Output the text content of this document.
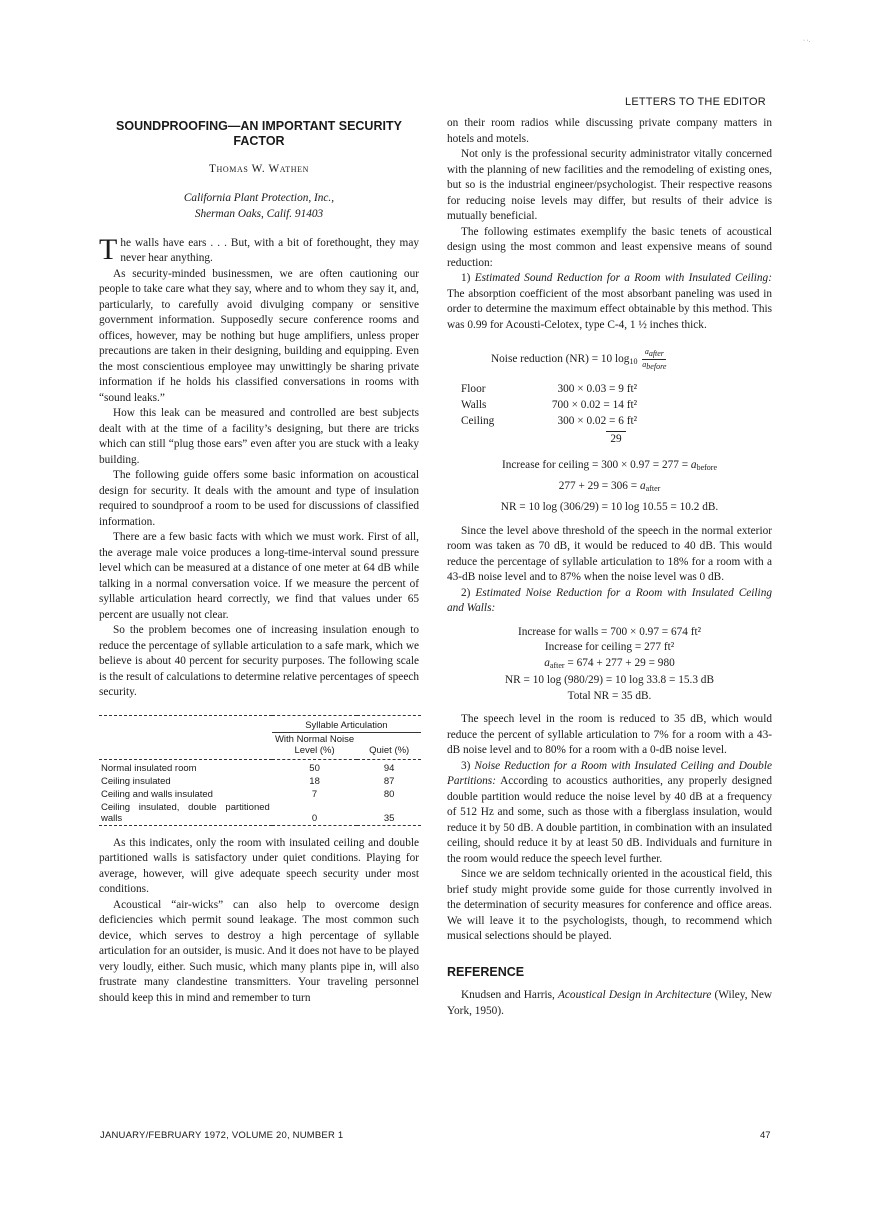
· ·.
LETTERS TO THE EDITOR
SOUNDPROOFING—AN IMPORTANT SECURITY FACTOR
Thomas W. Wathen
California Plant Protection, Inc.,
Sherman Oaks, Calif. 91403

The walls have ears . . . But, with a bit of forethought, they may never hear anything.

As security-minded businessmen, we are often cautioning our people to take care what they say, where and to whom they say it, and, particularly, to carefully avoid divulging company or sensitive government information. Supposedly secure conference rooms and offices, however, may be nothing but huge amplifiers, unless proper precautions are taken in their designing, building and equipping. Even the most conscientious employee may unwittingly be sharing private information if he holds his classified conversations in rooms with “sound leaks.”

How this leak can be measured and controlled are best subjects dealt with at the time of a facility’s designing, but there are tricks which can still “plug those ears” even after you are stuck with a leaky building.

The following guide offers some basic information on acoustical design for security. It deals with the amount and type of insulation required to soundproof a room to be used for discussions of classified information.

There are a few basic facts with which we must work. First of all, the average male voice produces a long-time-interval sound pressure level which can be measured at a distance of one meter at 64 dB while talking in a normal conversation voice. If we measure the percent of syllable articulation heard correctly, we find that values under 65 percent are usually not clear.

So the problem becomes one of increasing insulation enough to reduce the percentage of syllable articulation to a safe mark, which we believe is about 40 percent for security purposes. The following scale is the result of calculations to determine relative percentages of speech security.

	Syllable Articulation	
	With Normal Noise Level (%)	Quiet (%)

Normal insulated room	50	94
Ceiling insulated	18	87
Ceiling and walls insulated	7	80
Ceiling insulated, double partitioned walls	0	35

As this indicates, only the room with insulated ceiling and double partitioned walls is satisfactory under quiet conditions. Playing for average, however, will give adequate speech security under most conditions.

Acoustical “air-wicks” can also help to overcome design deficiencies which permit sound leakage. The most common such device, which serves to destroy a high percentage of syllable articulation for an outsider, is music. And it does not have to be played very loudly, either. Such music, which many plants pipe in, will also frustrate many clandestine transmitters. Your traveling personnel should keep this in mind and remember to turn

on their room radios while discussing private company matters in hotels and motels.

Not only is the professional security administrator vitally concerned with the planning of new facilities and the remodeling of existing ones, but so is the industrial engineer/psychologist. Their respective reasons for reducing noise levels may differ, but results of their advice is mutually beneficial.

The following estimates exemplify the basic tenets of acoustical design using the most common and least expensive means of sound reduction:

1) Estimated Sound Reduction for a Room with Insulated Ceiling: The absorption coefficient of the most absorbant paneling was used in order to determine the maximum effect obtainable by this method. This was 0.99 for Acousti-Celotex, type C-4, 1 ½ inches thick.

Noise reduction (NR) = 10 $\log_{10} \frac{\text{aafter}}{\text{abefore}}$
Floor	300 × 0.03 = 9 ft²
Walls	700 × 0.02 = 14 ft²
Ceiling	300 × 0.02 = 6 ft²
29
Increase for ceiling = $300 \times 0.97 = 277 = a_{before}$
$277 + 29 = 306 = a_{after}$
NR = 10 log (306/29) = 10 log 10.55 = 10.2 dB.

Since the level above threshold of the speech in the normal exterior room was taken as 70 dB, it would be reduced to 40 dB. This would reduce the percentage of syllable articulation to 18% for a room with a 43-dB noise level and to 87% when the noise level was 0 dB.

2) Estimated Noise Reduction for a Room with Insulated Ceiling and Walls:

Increase for walls = 700 × 0.97 = 674 ft²
Increase for ceiling = 277 ft²
$a_{after} = 674 + 277 + 29 = 980$
NR = 10 log (980/29) = 10 log 33.8 = 15.3 dB
Total NR = 35 dB.

The speech level in the room is reduced to 35 dB, which would reduce the percent of syllable articulation to 7% for a room with a 43-dB noise level and to 80% for a room with a 0-dB noise level.

3) Noise Reduction for a Room with Insulated Ceiling and Double Partitions: According to acoustics authorities, any properly designed double partition would reduce the noise level by 40 dB at a frequency of 512 Hz and some, such as those with a fiberglass insulation, would reduce it by 50 dB. A double partition, in combination with an insulated ceiling, should reduce it by at least 50 dB. Individuals and furniture in the room would reduce the speech level further.

Since we are seldom technically oriented in the acoustical field, this brief study might provide some guide for those currently involved in the determination of security measures for conference and office areas. We will leave it to the psychologists, though, to recommend which musical selections should be played.

REFERENCE

Knudsen and Harris, Acoustical Design in Architecture (Wiley, New York, 1950).

JANUARY/FEBRUARY 1972, VOLUME 20, NUMBER 1	47
